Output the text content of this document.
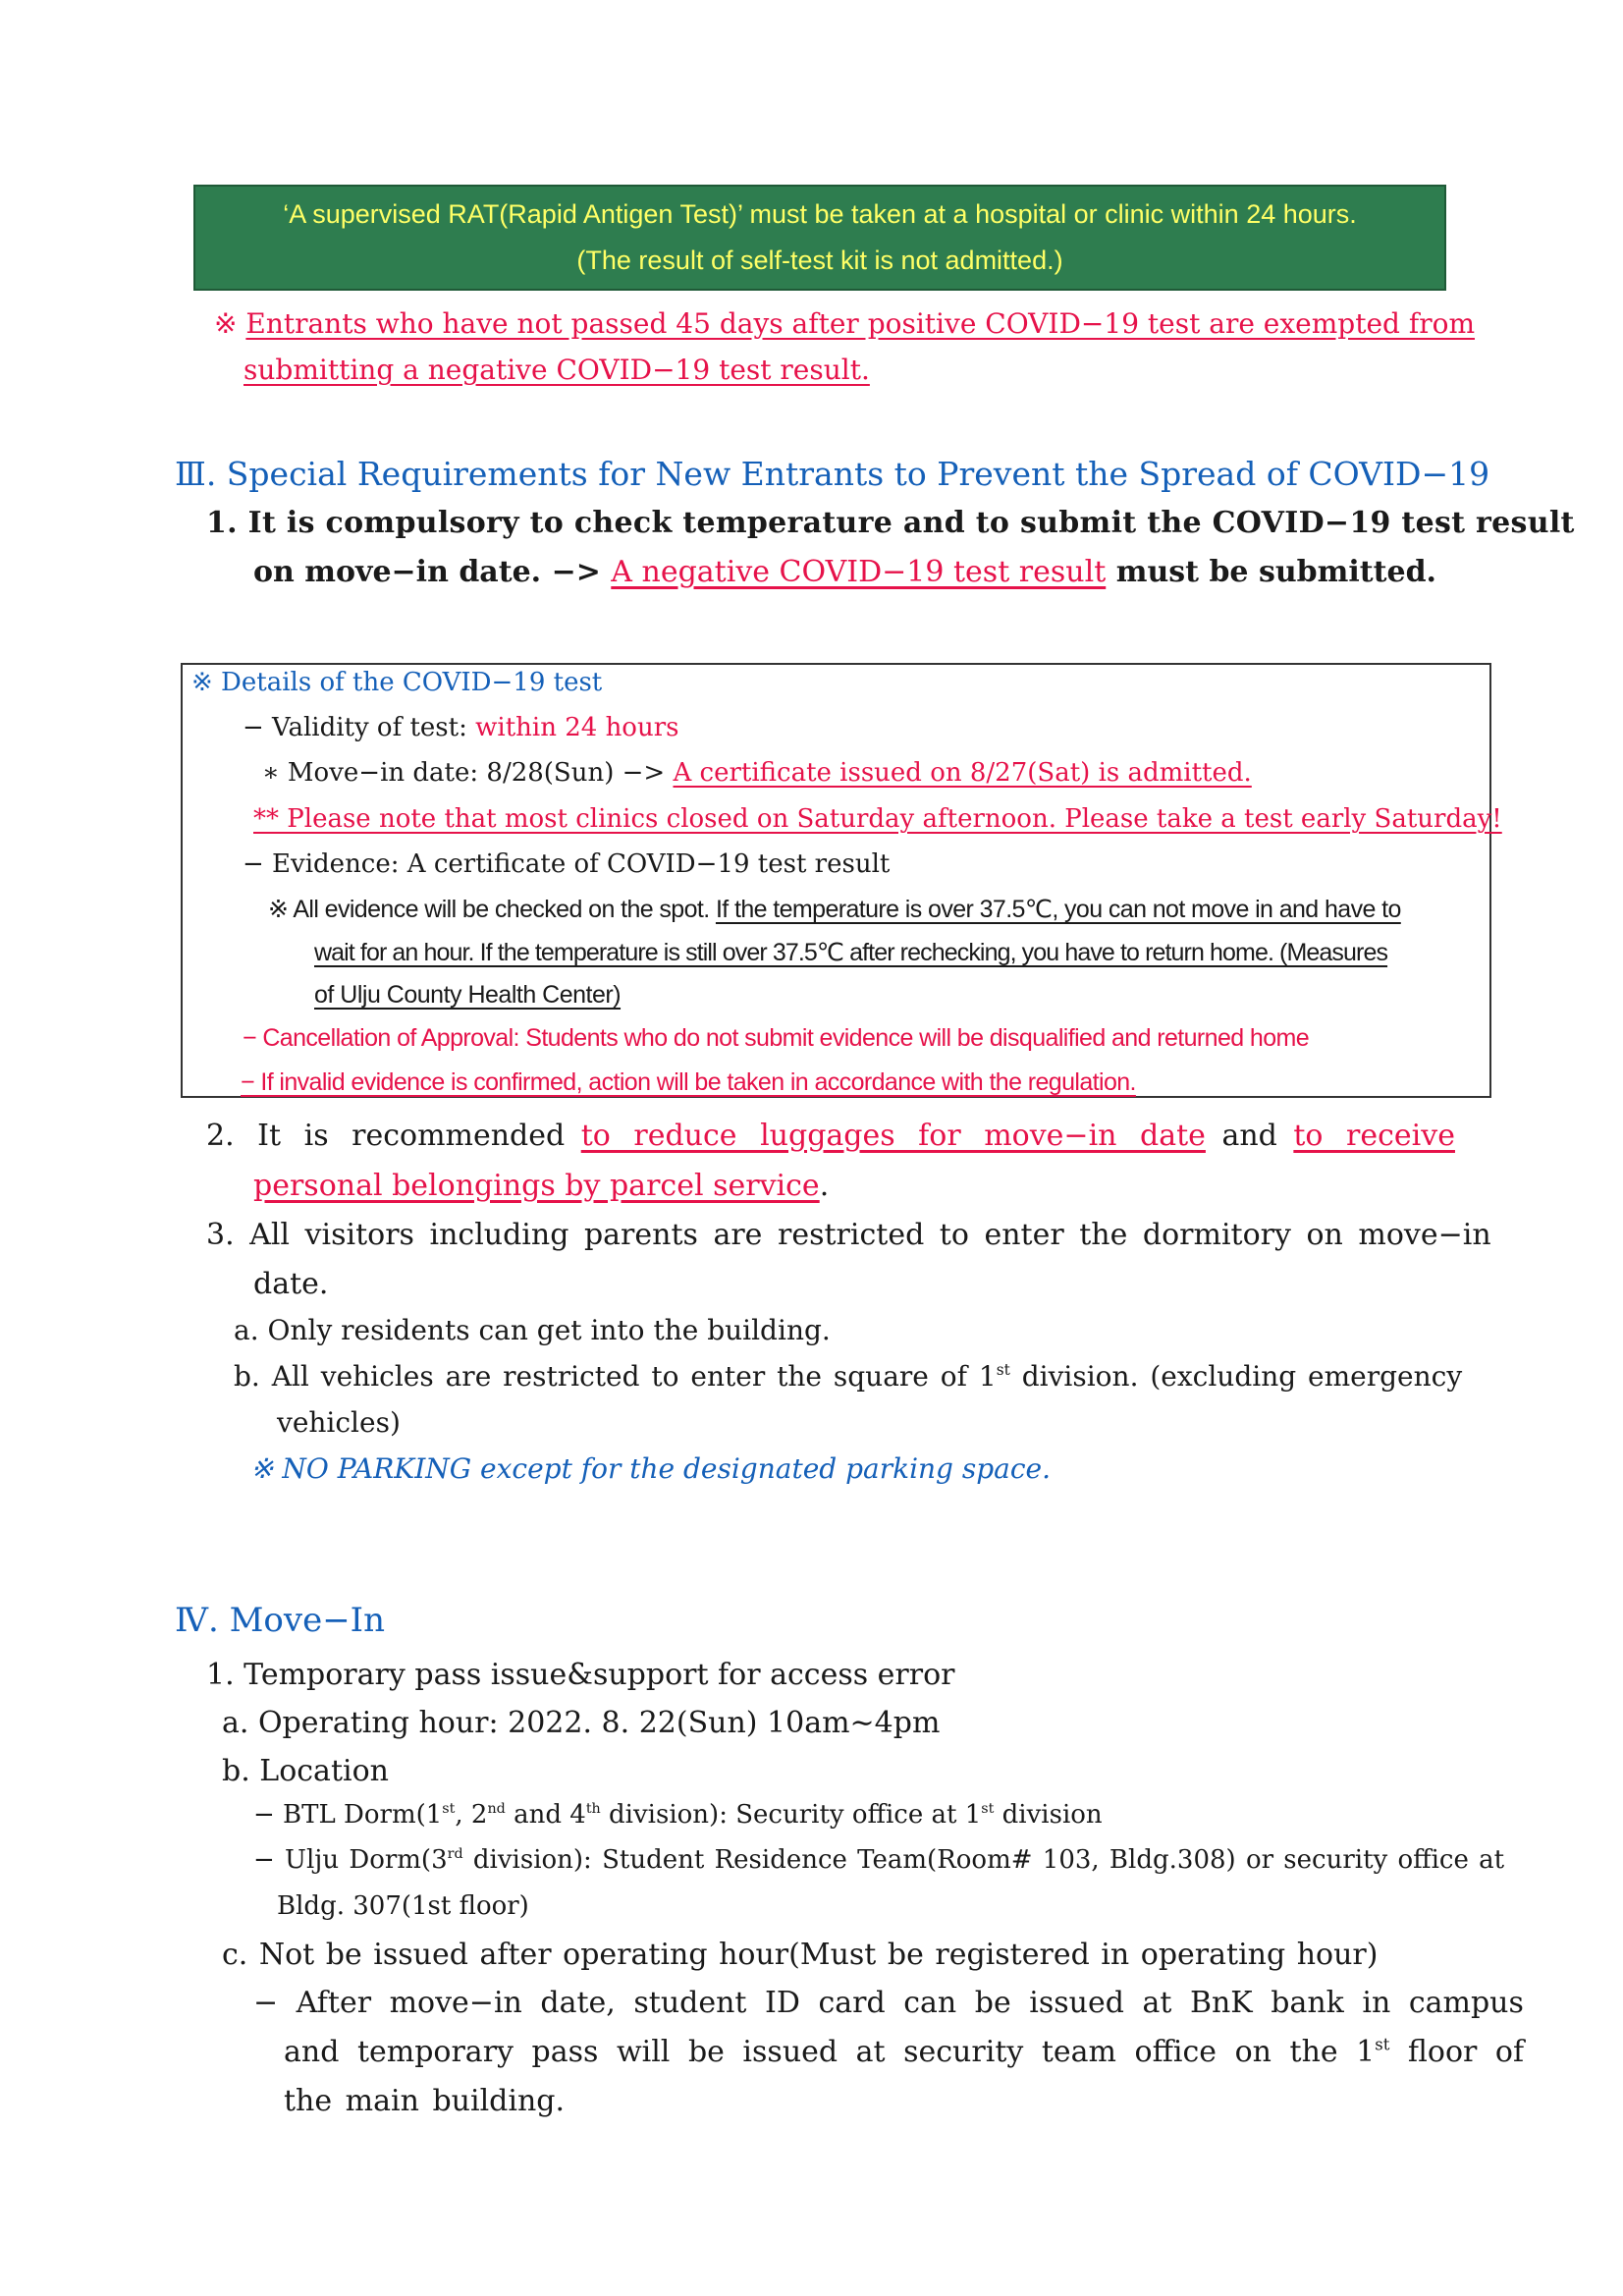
‘A supervised RAT(Rapid Antigen Test)’ must be taken at a hospital or clinic within 24 hours.
(The result of self-test kit is not admitted.)
※ Entrants who have not passed 45 days after positive COVID−19 test are exempted from
submitting a negative COVID−19 test result.
Ⅲ. Special Requirements for New Entrants to Prevent the Spread of COVID−19
1. It is compulsory to check temperature and to submit the COVID−19 test result
on move−in date. −> A negative COVID−19 test result must be submitted.
※ Details of the COVID−19 test
− Validity of test: within 24 hours
∗ Move−in date: 8/28(Sun) −> A certificate issued on 8/27(Sat) is admitted.
** Please note that most clinics closed on Saturday afternoon. Please take a test early Saturday!
− Evidence: A certificate of COVID−19 test result
※ All evidence will be checked on the spot. If the temperature is over 37.5℃, you can not move in and have to
wait for an hour. If the temperature is still over 37.5℃ after rechecking, you have to return home. (Measures
of Ulju County Health Center)
− Cancellation of Approval: Students who do not submit evidence will be disqualified and returned home
− If invalid evidence is confirmed, action will be taken in accordance with the regulation.
2. It is recommended to reduce luggages for move−in date and to receive
personal belongings by parcel service.
3. All visitors including parents are restricted to enter the dormitory on move−in
date.
a. Only residents can get into the building.
b. All vehicles are restricted to enter the square of 1st division. (excluding emergency
vehicles)
※ NO PARKING except for the designated parking space.
Ⅳ. Move−In
1. Temporary pass issue&support for access error
a. Operating hour: 2022. 8. 22(Sun) 10am∼4pm
b. Location
− BTL Dorm(1st, 2nd and 4th division): Security office at 1st division
− Ulju Dorm(3rd division): Student Residence Team(Room# 103, Bldg.308) or security office at
Bldg. 307(1st floor)
c. Not be issued after operating hour(Must be registered in operating hour)
− After move−in date, student ID card can be issued at BnK bank in campus
and temporary pass will be issued at security team office on the 1st floor of
the main building.
